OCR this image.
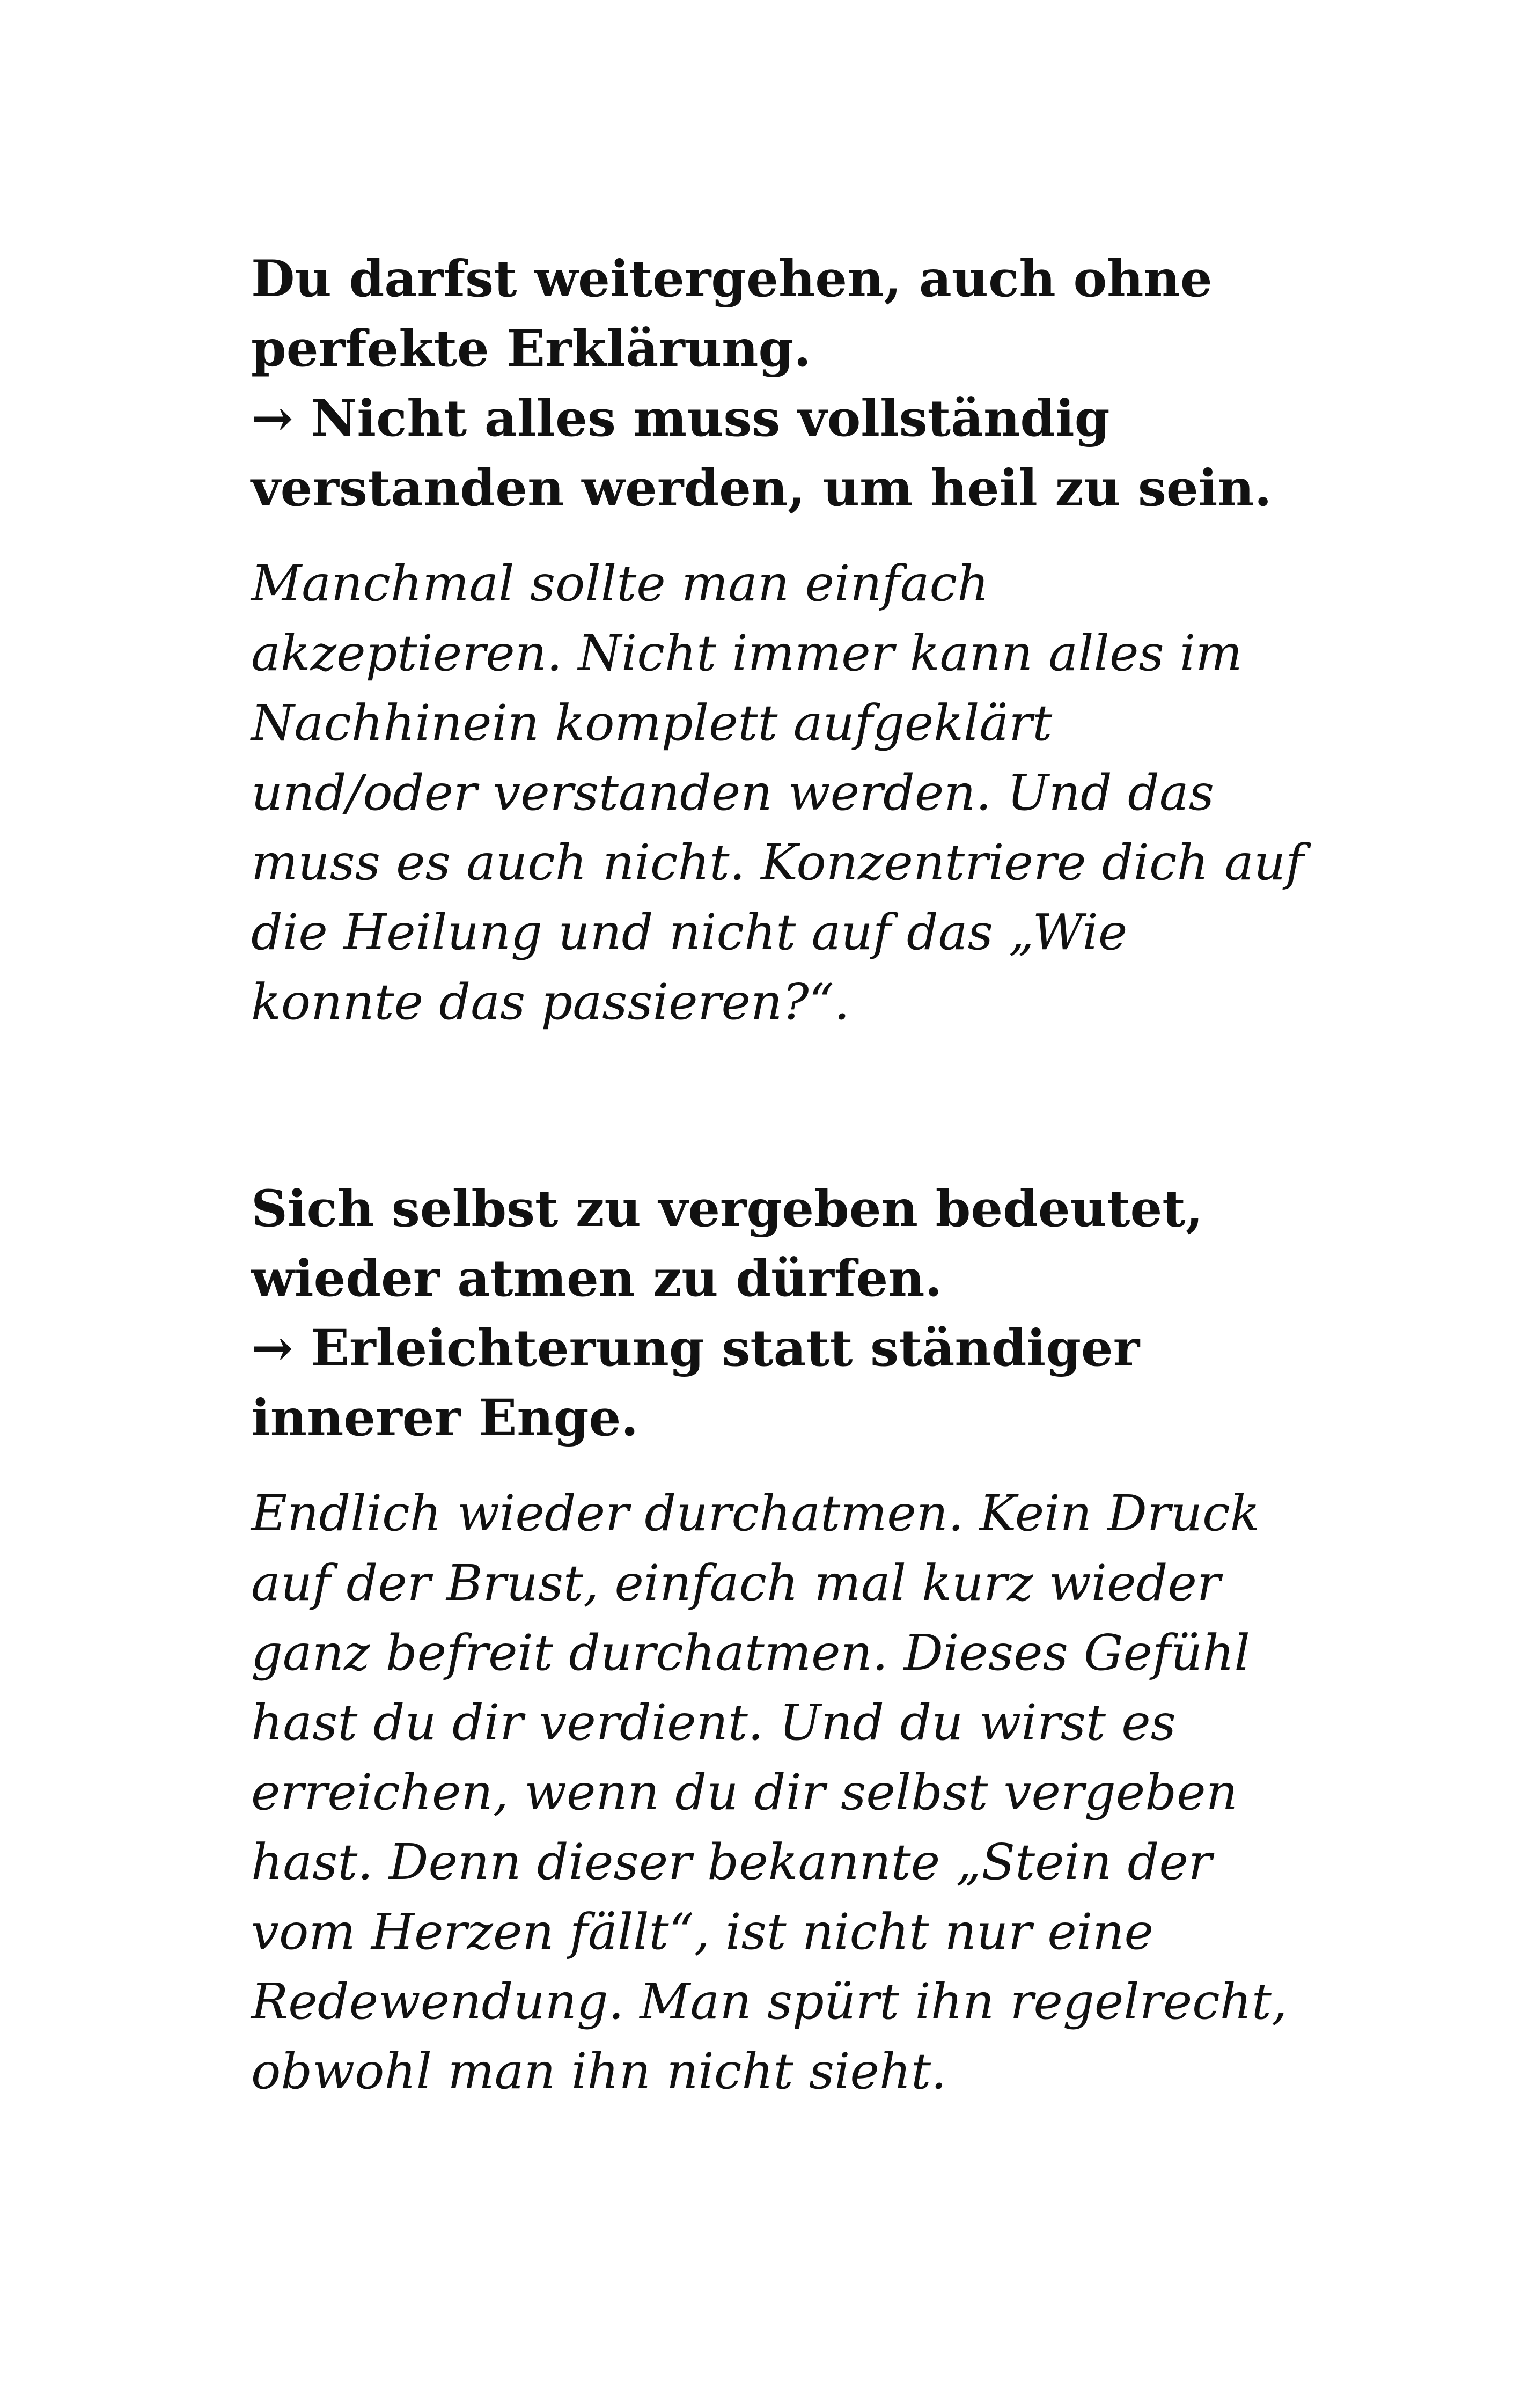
Du darfst weitergehen, auch ohne
perfekte Erklärung.
→ Nicht alles muss vollständig
verstanden werden, um heil zu sein.

Manchmal sollte man einfach
akzeptieren. Nicht immer kann alles im
Nachhinein komplett aufgeklärt
und/oder verstanden werden. Und das
muss es auch nicht. Konzentriere dich auf
die Heilung und nicht auf das „Wie
konnte das passieren?“.

Sich selbst zu vergeben bedeutet,
wieder atmen zu dürfen.
→ Erleichterung statt ständiger
innerer Enge.

Endlich wieder durchatmen. Kein Druck
auf der Brust, einfach mal kurz wieder
ganz befreit durchatmen. Dieses Gefühl
hast du dir verdient. Und du wirst es
erreichen, wenn du dir selbst vergeben
hast. Denn dieser bekannte „Stein der
vom Herzen fällt“, ist nicht nur eine
Redewendung. Man spürt ihn regelrecht,
obwohl man ihn nicht sieht.
